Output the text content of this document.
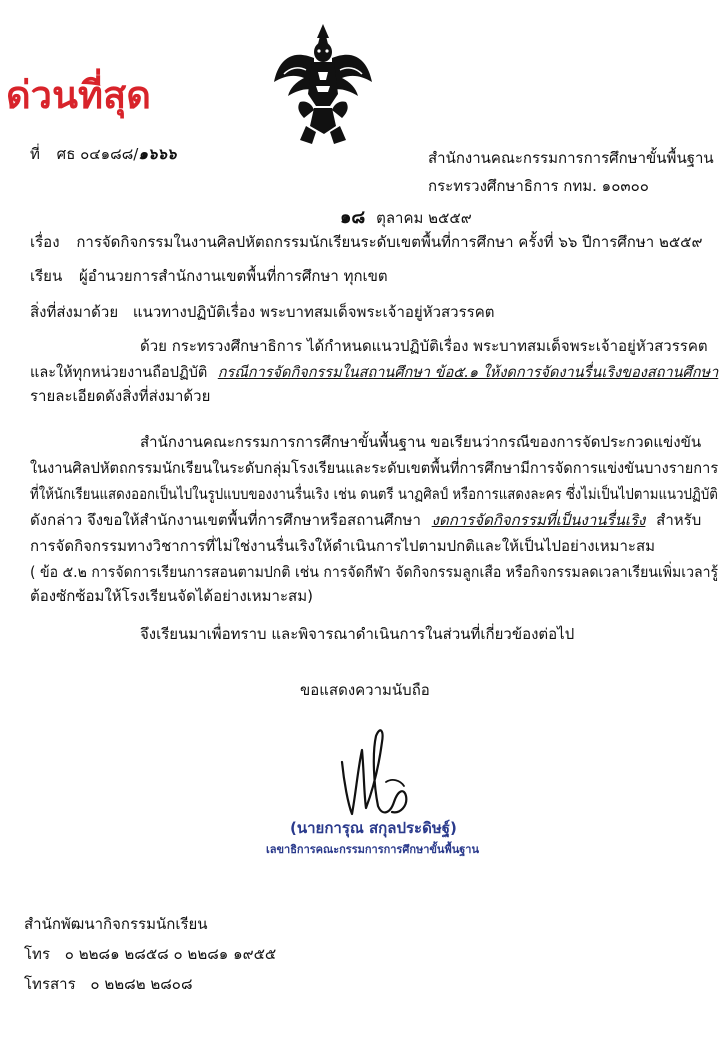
ด่วนที่สุด
ที่ ศธ ๐๔๑๘๘/๑๖๖๖	สำนักงานคณะกรรมการการศึกษาขั้นพื้นฐาน
กระทรวงศึกษาธิการ กทม. ๑๐๓๐๐
๑๘ ตุลาคม ๒๕๕๙
เรื่อง การจัดกิจกรรมในงานศิลปหัตถกรรมนักเรียนระดับเขตพื้นที่การศึกษา ครั้งที่ ๖๖ ปีการศึกษา ๒๕๕๙
เรียน ผู้อำนวยการสำนักงานเขตพื้นที่การศึกษา ทุกเขต
สิ่งที่ส่งมาด้วย แนวทางปฏิบัติเรื่อง พระบาทสมเด็จพระเจ้าอยู่หัวสวรรคต
ด้วย กระทรวงศึกษาธิการ ได้กำหนดแนวปฏิบัติเรื่อง พระบาทสมเด็จพระเจ้าอยู่หัวสวรรคต
และให้ทุกหน่วยงานถือปฏิบัติ กรณีการจัดกิจกรรมในสถานศึกษา ข้อ๕.๑ ให้งดการจัดงานรื่นเริงของสถานศึกษา
รายละเอียดดังสิ่งที่ส่งมาด้วย
สำนักงานคณะกรรมการการศึกษาขั้นพื้นฐาน ขอเรียนว่ากรณีของการจัดประกวดแข่งขัน
ในงานศิลปหัตถกรรมนักเรียนในระดับกลุ่มโรงเรียนและระดับเขตพื้นที่การศึกษามีการจัดการแข่งขันบางรายการ
ที่ให้นักเรียนแสดงออกเป็นไปในรูปแบบของงานรื่นเริง เช่น ดนตรี นาฏศิลป์ หรือการแสดงละคร ซึ่งไม่เป็นไปตามแนวปฏิบัติ
ดังกล่าว จึงขอให้สำนักงานเขตพื้นที่การศึกษาหรือสถานศึกษา งดการจัดกิจกรรมที่เป็นงานรื่นเริง สำหรับ
การจัดกิจกรรมทางวิชาการที่ไม่ใช่งานรื่นเริงให้ดำเนินการไปตามปกติและให้เป็นไปอย่างเหมาะสม
( ข้อ ๕.๒ การจัดการเรียนการสอนตามปกติ เช่น การจัดกีฬา จัดกิจกรรมลูกเสือ หรือกิจกรรมลดเวลาเรียนเพิ่มเวลารู้
ต้องซักซ้อมให้โรงเรียนจัดได้อย่างเหมาะสม)
จึงเรียนมาเพื่อทราบ และพิจารณาดำเนินการในส่วนที่เกี่ยวข้องต่อไป
ขอแสดงความนับถือ
(นายการุณ สกุลประดิษฐ์)
เลขาธิการคณะกรรมการการศึกษาขั้นพื้นฐาน
สำนักพัฒนากิจกรรมนักเรียน
โทร ๐ ๒๒๘๑ ๒๘๕๘ ๐ ๒๒๘๑ ๑๙๕๕
โทรสาร ๐ ๒๒๘๒ ๒๘๐๘
